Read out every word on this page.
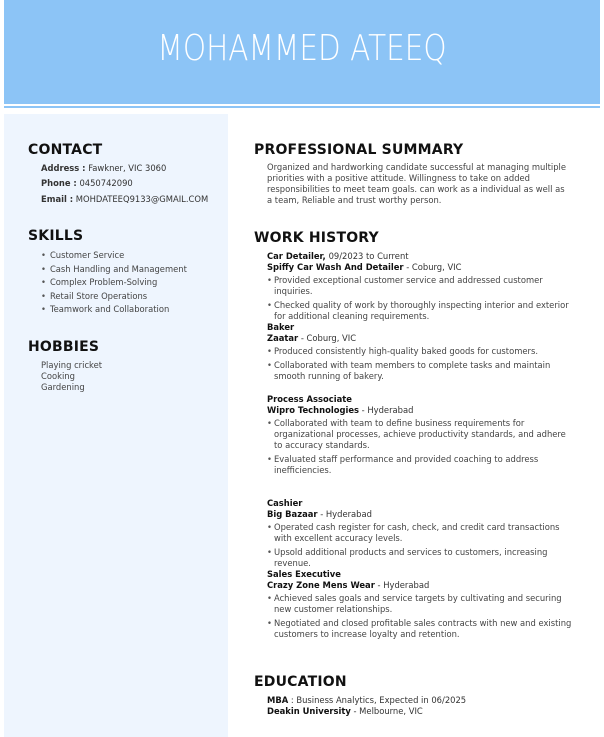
MOHAMMED ATEEQ
CONTACT
Address : Fawkner, VIC 3060
Phone : 0450742090
Email : MOHDATEEQ9133@GMAIL.COM
SKILLS
• Customer Service
• Cash Handling and Management
• Complex Problem-Solving
• Retail Store Operations
• Teamwork and Collaboration
HOBBIES
Playing cricket
Cooking
Gardening
PROFESSIONAL SUMMARY
Organized and hardworking candidate successful at managing multiple priorities with a positive attitude. Willingness to take on added responsibilities to meet team goals. can work as a individual as well as a team, Reliable and trust worthy person.
WORK HISTORY
Car Detailer, 09/2023 to Current
Spiffy Car Wash And Detailer - Coburg, VIC
• Provided exceptional customer service and addressed customer inquiries.
• Checked quality of work by thoroughly inspecting interior and exterior for additional cleaning requirements.
Baker
Zaatar - Coburg, VIC
• Produced consistently high-quality baked goods for customers.
• Collaborated with team members to complete tasks and maintain smooth running of bakery.
Process Associate
Wipro Technologies - Hyderabad
• Collaborated with team to define business requirements for organizational processes, achieve productivity standards, and adhere to accuracy standards.
• Evaluated staff performance and provided coaching to address inefficiencies.
Cashier
Big Bazaar - Hyderabad
• Operated cash register for cash, check, and credit card transactions with excellent accuracy levels.
• Upsold additional products and services to customers, increasing revenue.
Sales Executive
Crazy Zone Mens Wear - Hyderabad
• Achieved sales goals and service targets by cultivating and securing new customer relationships.
• Negotiated and closed profitable sales contracts with new and existing customers to increase loyalty and retention.
EDUCATION
MBA : Business Analytics, Expected in 06/2025
Deakin University - Melbourne, VIC
